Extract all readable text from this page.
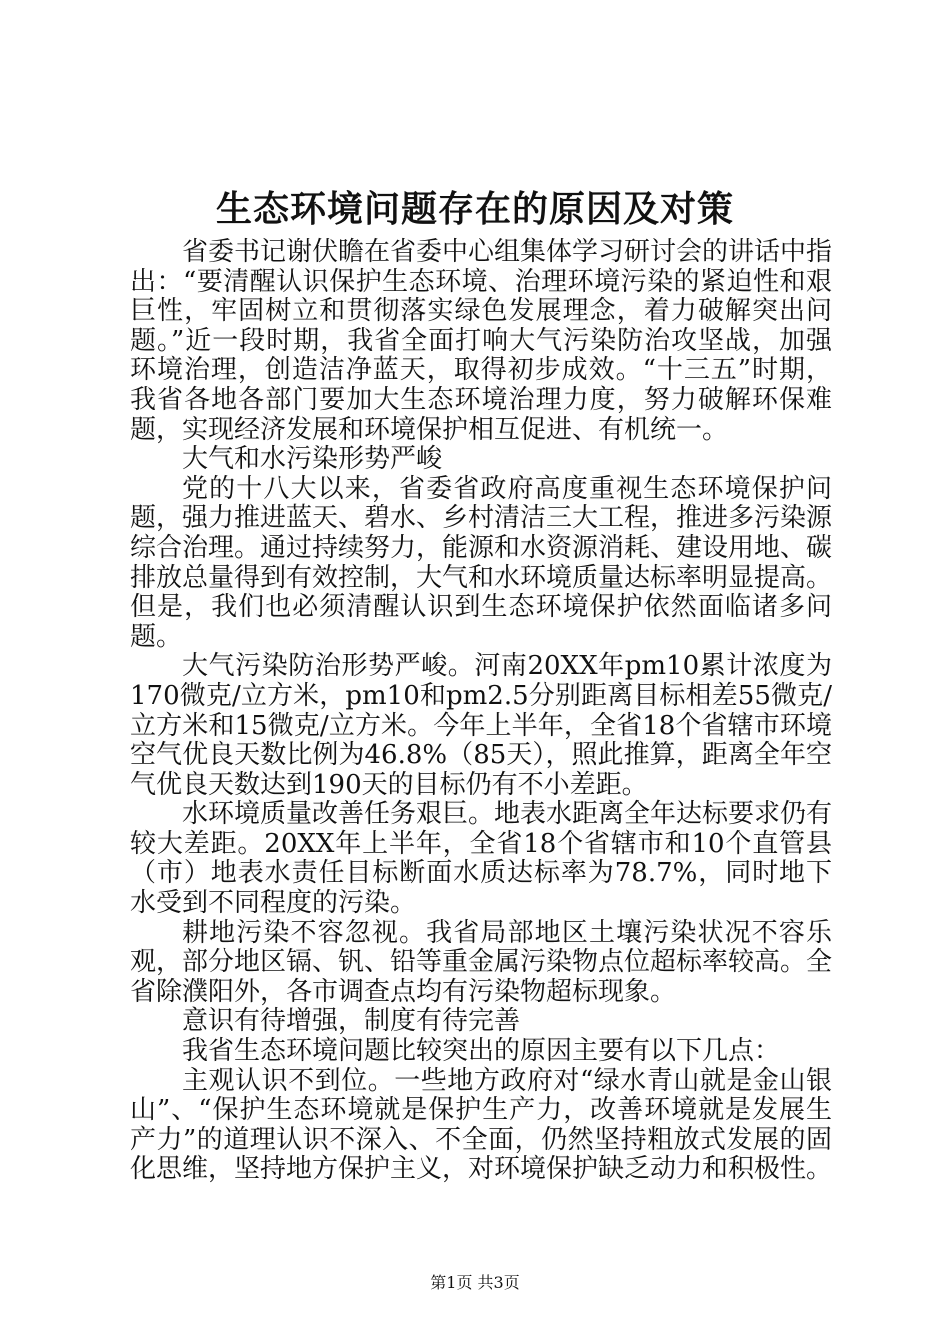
生态环境问题存在的原因及对策

省委书记谢伏瞻在省委中心组集体学习研讨会的讲话中指出：“要清醒认识保护生态环境、治理环境污染的紧迫性和艰巨性，牢固树立和贯彻落实绿色发展理念，着力破解突出问题。”近一段时期，我省全面打响大气污染防治攻坚战，加强环境治理，创造洁净蓝天，取得初步成效。“十三五”时期，我省各地各部门要加大生态环境治理力度，努力破解环保难题，实现经济发展和环境保护相互促进、有机统一。

大气和水污染形势严峻

党的十八大以来，省委省政府高度重视生态环境保护问题，强力推进蓝天、碧水、乡村清洁三大工程，推进多污染源综合治理。通过持续努力，能源和水资源消耗、建设用地、碳排放总量得到有效控制，大气和水环境质量达标率明显提高。但是，我们也必须清醒认识到生态环境保护依然面临诸多问题。

大气污染防治形势严峻。河南20XX年pm10累计浓度为170微克/立方米，pm10和pm2.5分别距离目标相差55微克/立方米和15微克/立方米。今年上半年，全省18个省辖市环境空气优良天数比例为46.8%（85天），照此推算，距离全年空气优良天数达到190天的目标仍有不小差距。

水环境质量改善任务艰巨。地表水距离全年达标要求仍有较大差距。20XX年上半年，全省18个省辖市和10个直管县（市）地表水责任目标断面水质达标率为78.7%，同时地下水受到不同程度的污染。

耕地污染不容忽视。我省局部地区土壤污染状况不容乐观，部分地区镉、钒、铅等重金属污染物点位超标率较高。全省除濮阳外，各市调查点均有污染物超标现象。

意识有待增强，制度有待完善

我省生态环境问题比较突出的原因主要有以下几点：

主观认识不到位。一些地方政府对“绿水青山就是金山银山”、“保护生态环境就是保护生产力，改善环境就是发展生产力”的道理认识不深入、不全面，仍然坚持粗放式发展的固化思维，坚持地方保护主义，对环境保护缺乏动力和积极性。

第1页 共3页
